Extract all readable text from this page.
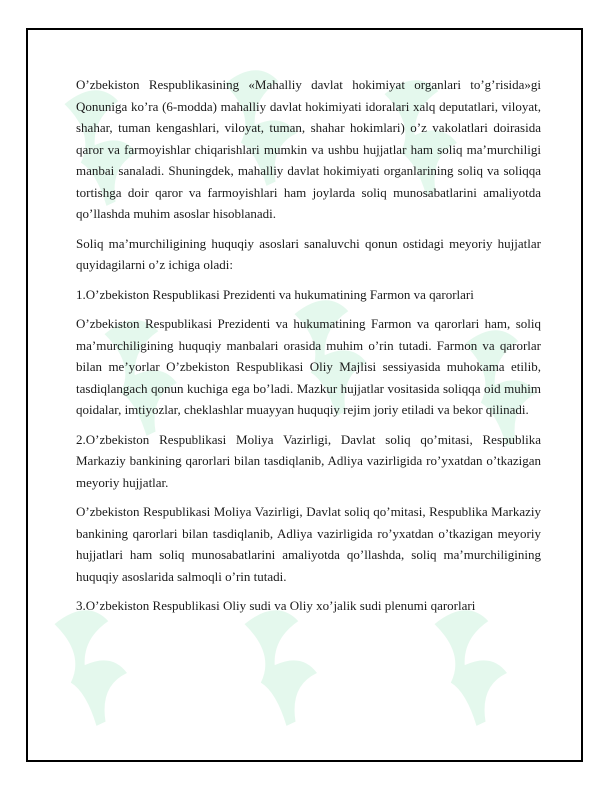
O’zbekiston Respublikasining «Mahalliy davlat hokimiyat organlari to’g’risida»gi Qonuniga ko’ra (6-modda) mahalliy davlat hokimiyati idoralari xalq deputatlari, viloyat, shahar, tuman kengashlari, viloyat, tuman, shahar hokimlari) o’z vakolatlari doirasida qaror va farmoyishlar chiqarishlari mumkin va ushbu hujjatlar ham soliq ma’murchiligi manbai sanaladi. Shuningdek, mahalliy davlat hokimiyati organlarining soliq va soliqqa tortishga doir qaror va farmoyishlari ham joylarda soliq munosabatlarini amaliyotda qo’llashda muhim asoslar hisoblanadi.

Soliq ma’murchiligining huquqiy asoslari sanaluvchi qonun ostidagi meyoriy hujjatlar quyidagilarni o’z ichiga oladi:

1.O’zbekiston Respublikasi Prezidenti va hukumatining Farmon va qarorlari

O’zbekiston Respublikasi Prezidenti va hukumatining Farmon va qarorlari ham, soliq ma’murchiligining huquqiy manbalari orasida muhim o’rin tutadi. Farmon va qarorlar bilan me’yorlar O’zbekiston Respublikasi Oliy Majlisi sessiyasida muhokama etilib, tasdiqlangach qonun kuchiga ega bo’ladi. Mazkur hujjatlar vositasida soliqqa oid muhim qoidalar, imtiyozlar, cheklashlar muayyan huquqiy rejim joriy etiladi va bekor qilinadi.

2.O’zbekiston Respublikasi Moliya Vazirligi, Davlat soliq qo’mitasi, Respublika Markaziy bankining qarorlari bilan tasdiqlanib, Adliya vazirligida ro’yxatdan o’tkazigan meyoriy hujjatlar.

O’zbekiston Respublikasi Moliya Vazirligi, Davlat soliq qo’mitasi, Respublika Markaziy bankining qarorlari bilan tasdiqlanib, Adliya vazirligida ro’yxatdan o’tkazigan meyoriy hujjatlari ham soliq munosabatlarini amaliyotda qo’llashda, soliq ma’murchiligining huquqiy asoslarida salmoqli o’rin tutadi.

3.O’zbekiston Respublikasi Oliy sudi va Oliy xo’jalik sudi plenumi qarorlari
